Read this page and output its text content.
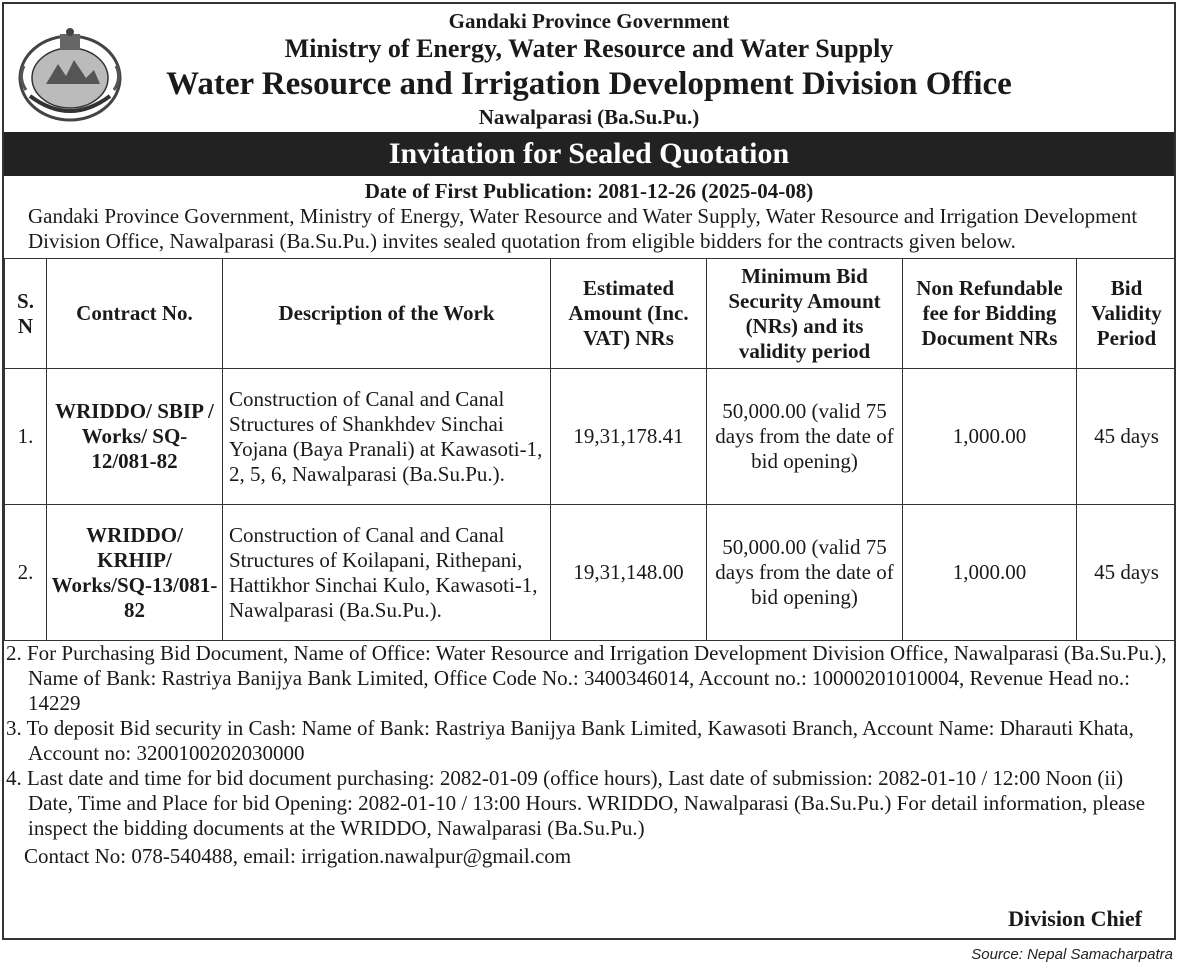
Gandaki Province Government
Ministry of Energy, Water Resource and Water Supply
Water Resource and Irrigation Development Division Office
Nawalparasi (Ba.Su.Pu.)
Invitation for Sealed Quotation
Date of First Publication: 2081-12-26 (2025-04-08)
Gandaki Province Government, Ministry of Energy, Water Resource and Water Supply, Water Resource and Irrigation Development Division Office, Nawalparasi (Ba.Su.Pu.) invites sealed quotation from eligible bidders for the contracts given below.
S. N	Contract No.	Description of the Work	Estimated Amount (Inc. VAT) NRs	Minimum Bid Security Amount (NRs) and its validity period	Non Refundable fee for Bidding Document NRs	Bid Validity Period
1.	WRIDDO/ SBIP / Works/ SQ-12/081-82	Construction of Canal and Canal Structures of Shankhdev Sinchai Yojana (Baya Pranali) at Kawasoti-1, 2, 5, 6, Nawalparasi (Ba.Su.Pu.).	19,31,178.41	50,000.00 (valid 75 days from the date of bid opening)	1,000.00	45 days
2.	WRIDDO/ KRHIP/ Works/SQ-13/081-82	Construction of Canal and Canal Structures of Koilapani, Rithepani, Hattikhor Sinchai Kulo, Kawasoti-1, Nawalparasi (Ba.Su.Pu.).	19,31,148.00	50,000.00 (valid 75 days from the date of bid opening)	1,000.00	45 days
2. For Purchasing Bid Document, Name of Office: Water Resource and Irrigation Development Division Office, Nawalparasi (Ba.Su.Pu.), Name of Bank: Rastriya Banijya Bank Limited, Office Code No.: 3400346014, Account no.: 10000201010004, Revenue Head no.: 14229
3. To deposit Bid security in Cash: Name of Bank: Rastriya Banijya Bank Limited, Kawasoti Branch, Account Name: Dharauti Khata, Account no: 3200100202030000
4. Last date and time for bid document purchasing: 2082-01-09 (office hours), Last date of submission: 2082-01-10 / 12:00 Noon (ii) Date, Time and Place for bid Opening: 2082-01-10 / 13:00 Hours. WRIDDO, Nawalparasi (Ba.Su.Pu.) For detail information, please inspect the bidding documents at the WRIDDO, Nawalparasi (Ba.Su.Pu.)
Contact No: 078-540488, email: irrigation.nawalpur@gmail.com
Division Chief
Source: Nepal Samacharpatra
